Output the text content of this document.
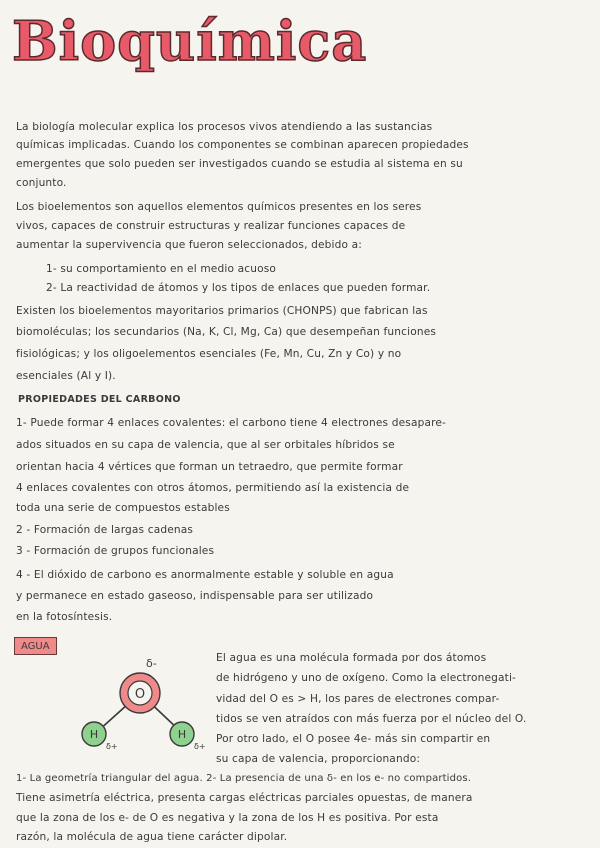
Bioquímica
La biología molecular explica los procesos vivos atendiendo a las sustancias
químicas implicadas. Cuando los componentes se combinan aparecen propiedades
emergentes que solo pueden ser investigados cuando se estudia al sistema en su
conjunto.
Los bioelementos son aquellos elementos químicos presentes en los seres
vivos, capaces de construir estructuras y realizar funciones capaces de
aumentar la supervivencia que fueron seleccionados, debido a:
1- su comportamiento en el medio acuoso
2- La reactividad de átomos y los tipos de enlaces que pueden formar.
Existen los bioelementos mayoritarios primarios (CHONPS) que fabrican las
biomoléculas; los secundarios (Na, K, Cl, Mg, Ca) que desempeñan funciones
fisiológicas; y los oligoelementos esenciales (Fe, Mn, Cu, Zn y Co) y no
esenciales (Al y I).
PROPIEDADES DEL CARBONO
1- Puede formar 4 enlaces covalentes: el carbono tiene 4 electrones desapare-
ados situados en su capa de valencia, que al ser orbitales híbridos se
orientan hacia 4 vértices que forman un tetraedro, que permite formar
4 enlaces covalentes con otros átomos, permitiendo así la existencia de
toda una serie de compuestos estables
2 - Formación de largas cadenas
3 - Formación de grupos funcionales
4 - El dióxido de carbono es anormalmente estable y soluble en agua
y permanece en estado gaseoso, indispensable para ser utilizado
en la fotosíntesis.
AGUA
O
δ-
H
δ+
H
δ+
El agua es una molécula formada por dos átomos
de hidrógeno y uno de oxígeno. Como la electronegati-
vidad del O es > H, los pares de electrones compar-
tidos se ven atraídos con más fuerza por el núcleo del O.
Por otro lado, el O posee 4e- más sin compartir en
su capa de valencia, proporcionando:
1- La geometría triangular del agua. 2- La presencia de una δ- en los e- no compartidos.
Tiene asimetría eléctrica, presenta cargas eléctricas parciales opuestas, de manera
que la zona de los e- de O es negativa y la zona de los H es positiva. Por esta
razón, la molécula de agua tiene carácter dipolar.
